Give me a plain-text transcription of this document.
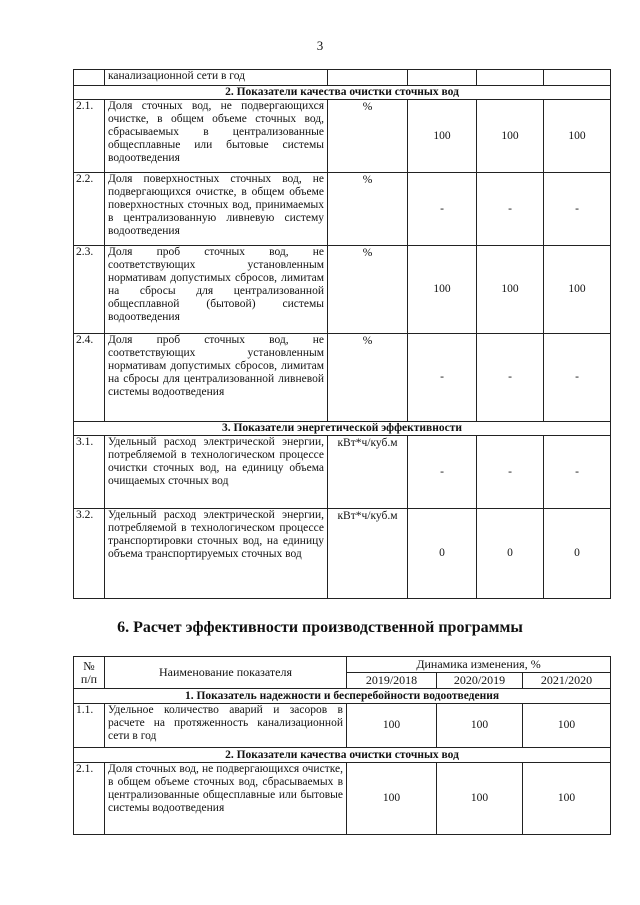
3
	канализационной сети в год				
2. Показатели качества очистки сточных вод					
2.1.	Доля сточных вод, не подвергающихся очистке, в общем объеме сточных вод, сбрасываемых в централизованные общесплавные или бытовые системы водоотведения	%	100	100	100
2.2.	Доля поверхностных сточных вод, не подвергающихся очистке, в общем объеме поверхностных сточных вод, принимаемых в централизованную ливневую систему водоотведения	%	-	-	-
2.3.	Доля проб сточных вод, не соответствующих установленным нормативам допустимых сбросов, лимитам на сбросы для централизованной общесплавной (бытовой) системы водоотведения	%	100	100	100
2.4.	Доля проб сточных вод, не соответствующих установленным нормативам допустимых сбросов, лимитам на сбросы для централизованной ливневой системы водоотведения	%	-	-	-
3. Показатели энергетической эффективности					
3.1.	Удельный расход электрической энергии, потребляемой в технологическом процессе очистки сточных вод, на единицу объема очищаемых сточных вод	кВт*ч/куб.м	-	-	-
3.2.	Удельный расход электрической энергии, потребляемой в технологическом процессе транспортировки сточных вод, на единицу объема транспортируемых сточных вод	кВт*ч/куб.м	0	0	0
6. Расчет эффективности производственной программы
№
п/п	Наименование показателя	Динамика изменения, %		
		2019/2018	2020/2019	2021/2020
1. Показатель надежности и бесперебойности водоотведения				
1.1.	Удельное количество аварий и засоров в расчете на протяженность канализационной сети в год	100	100	100
2. Показатели качества очистки сточных вод				
2.1.	Доля сточных вод, не подвергающихся очистке, в общем объеме сточных вод, сбрасываемых в централизованные общесплавные или бытовые системы водоотведения	100	100	100
